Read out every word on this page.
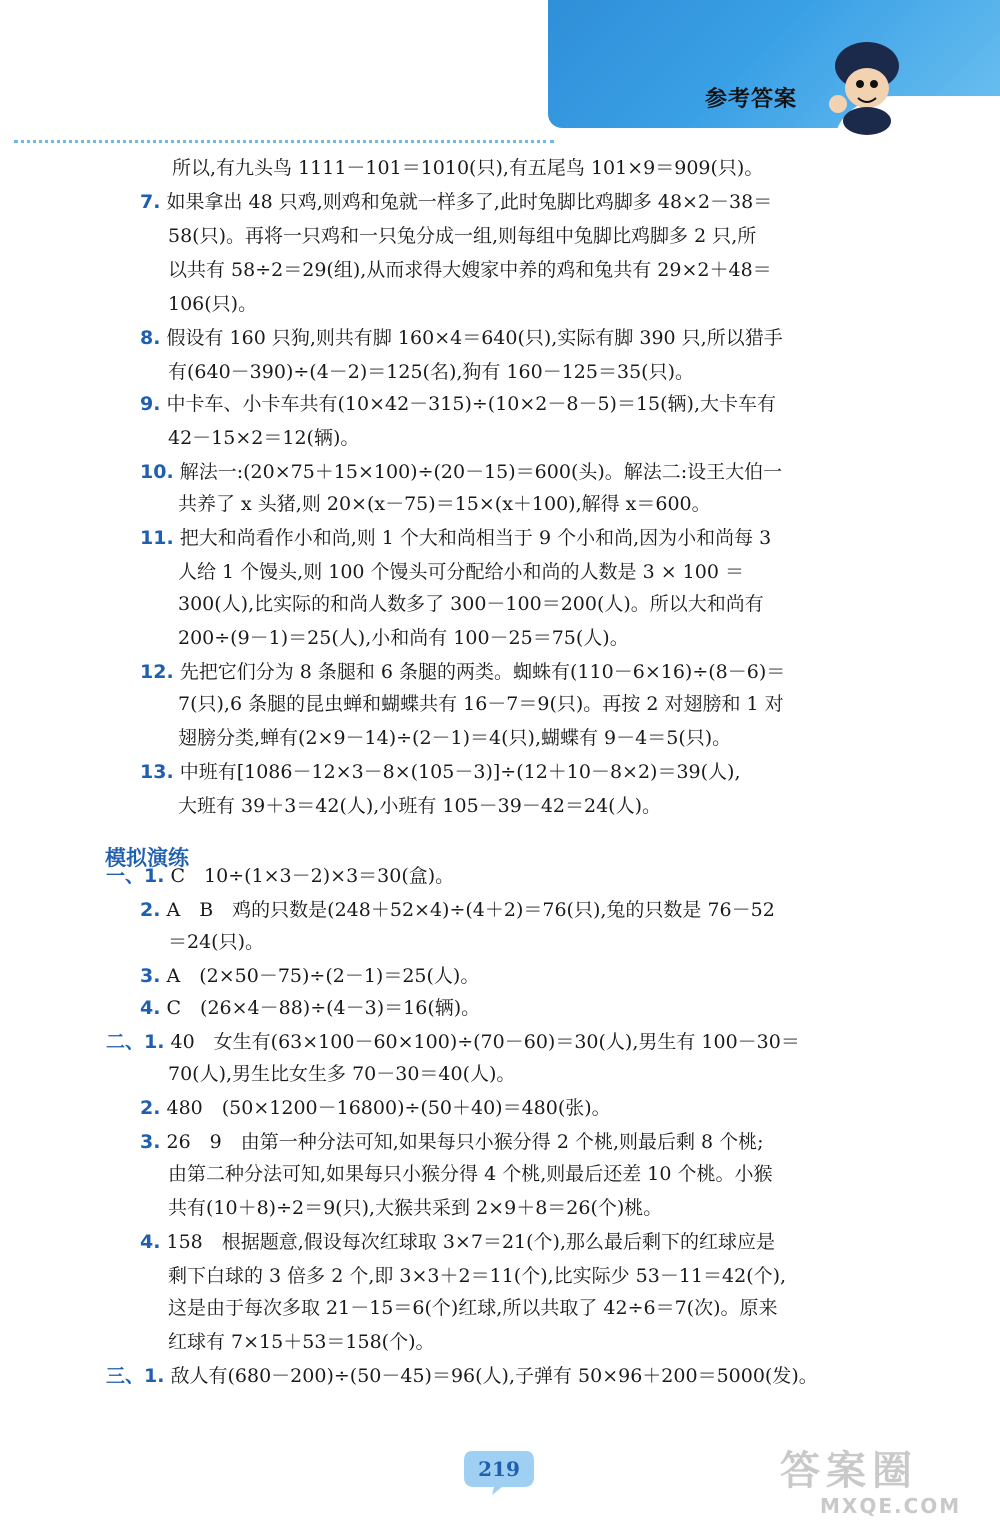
参考答案
所以,有九头鸟 1111－101＝1010(只),有五尾鸟 101×9＝909(只)。
7. 如果拿出 48 只鸡,则鸡和兔就一样多了,此时兔脚比鸡脚多 48×2－38＝
58(只)。再将一只鸡和一只兔分成一组,则每组中兔脚比鸡脚多 2 只,所
以共有 58÷2＝29(组),从而求得大嫂家中养的鸡和兔共有 29×2＋48＝
106(只)。
8. 假设有 160 只狗,则共有脚 160×4＝640(只),实际有脚 390 只,所以猎手
有(640－390)÷(4－2)＝125(名),狗有 160－125＝35(只)。
9. 中卡车、小卡车共有(10×42－315)÷(10×2－8－5)＝15(辆),大卡车有
42－15×2＝12(辆)。
10. 解法一:(20×75＋15×100)÷(20－15)＝600(头)。解法二:设王大伯一
共养了 x 头猪,则 20×(x－75)＝15×(x＋100),解得 x＝600。
11. 把大和尚看作小和尚,则 1 个大和尚相当于 9 个小和尚,因为小和尚每 3
人给 1 个馒头,则 100 个馒头可分配给小和尚的人数是 3 × 100 ＝
300(人),比实际的和尚人数多了 300－100＝200(人)。所以大和尚有
200÷(9－1)＝25(人),小和尚有 100－25＝75(人)。
12. 先把它们分为 8 条腿和 6 条腿的两类。蜘蛛有(110－6×16)÷(8－6)＝
7(只),6 条腿的昆虫蝉和蝴蝶共有 16－7＝9(只)。再按 2 对翅膀和 1 对
翅膀分类,蝉有(2×9－14)÷(2－1)＝4(只),蝴蝶有 9－4＝5(只)。
13. 中班有[1086－12×3－8×(105－3)]÷(12＋10－8×2)＝39(人),
大班有 39＋3＝42(人),小班有 105－39－42＝24(人)。
一、1. C　10÷(1×3－2)×3＝30(盒)。
2. A　B　鸡的只数是(248＋52×4)÷(4＋2)＝76(只),兔的只数是 76－52
＝24(只)。
3. A　(2×50－75)÷(2－1)＝25(人)。
4. C　(26×4－88)÷(4－3)＝16(辆)。
二、1. 40　女生有(63×100－60×100)÷(70－60)＝30(人),男生有 100－30＝
70(人),男生比女生多 70－30＝40(人)。
2. 480　(50×1200－16800)÷(50＋40)＝480(张)。
3. 26　9　由第一种分法可知,如果每只小猴分得 2 个桃,则最后剩 8 个桃;
由第二种分法可知,如果每只小猴分得 4 个桃,则最后还差 10 个桃。小猴
共有(10＋8)÷2＝9(只),大猴共采到 2×9＋8＝26(个)桃。
4. 158　根据题意,假设每次红球取 3×7＝21(个),那么最后剩下的红球应是
剩下白球的 3 倍多 2 个,即 3×3＋2＝11(个),比实际少 53－11＝42(个),
这是由于每次多取 21－15＝6(个)红球,所以共取了 42÷6＝7(次)。原来
红球有 7×15＋53＝158(个)。
三、1. 敌人有(680－200)÷(50－45)＝96(人),子弹有 50×96＋200＝5000(发)。
模拟演练
219	答案圈
MXQE.COM
